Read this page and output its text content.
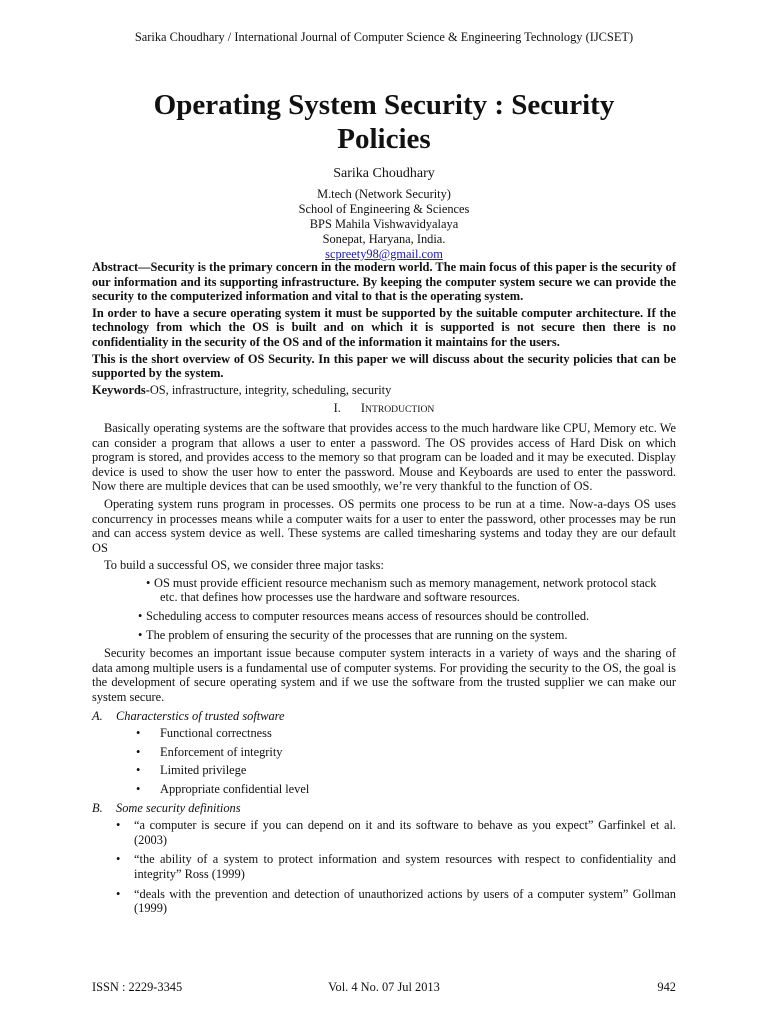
Sarika Choudhary / International Journal of Computer Science & Engineering Technology (IJCSET)
Operating System Security : Security
Policies
Sarika Choudhary
M.tech (Network Security)
School of Engineering & Sciences
BPS Mahila Vishwavidyalaya
Sonepat, Haryana, India.
scpreety98@gmail.com

Abstract—Security is the primary concern in the modern world. The main focus of this paper is the security of our information and its supporting infrastructure. By keeping the computer system secure we can provide the security to the computerized information and vital to that is the operating system.

In order to have a secure operating system it must be supported by the suitable computer architecture. If the technology from which the OS is built and on which it is supported is not secure then there is no confidentiality in the security of the OS and of the information it maintains for the users.

This is the short overview of OS Security. In this paper we will discuss about the security policies that can be supported by the system.

Keywords-OS, infrastructure, integrity, scheduling, security

I. INTRODUCTION

Basically operating systems are the software that provides access to the much hardware like CPU, Memory etc. We can consider a program that allows a user to enter a password. The OS provides access of Hard Disk on which program is stored, and provides access to the memory so that program can be loaded and it may be executed. Display device is used to show the user how to enter the password. Mouse and Keyboards are used to enter the password. Now there are multiple devices that can be used smoothly, we’re very thankful to the function of OS.

Operating system runs program in processes. OS permits one process to be run at a time. Now-a-days OS uses concurrency in processes means while a computer waits for a user to enter the password, other processes may be run and can access system device as well. These systems are called timesharing systems and today they are our default OS

To build a successful OS, we consider three major tasks:

• OS must provide efficient resource mechanism such as memory management, network protocol stack
etc. that defines how processes use the hardware and software resources.
• Scheduling access to computer resources means access of resources should be controlled.
• The problem of ensuring the security of the processes that are running on the system.

Security becomes an important issue because computer system interacts in a variety of ways and the sharing of data among multiple users is a fundamental use of computer systems. For providing the security to the OS, the goal is the development of secure operating system and if we use the software from the trusted supplier we can make our system secure.

A. Characterstics of trusted software
• Functional correctness
• Enforcement of integrity
• Limited privilege
• Appropriate confidential level
B. Some security definitions
• “a computer is secure if you can depend on it and its software to behave as you expect” Garfinkel et al. (2003)
• “the ability of a system to protect information and system resources with respect to confidentiality and integrity” Ross (1999)
• “deals with the prevention and detection of unauthorized actions by users of a computer system” Gollman (1999)
ISSN : 2229-3345	Vol. 4 No. 07 Jul 2013	942
